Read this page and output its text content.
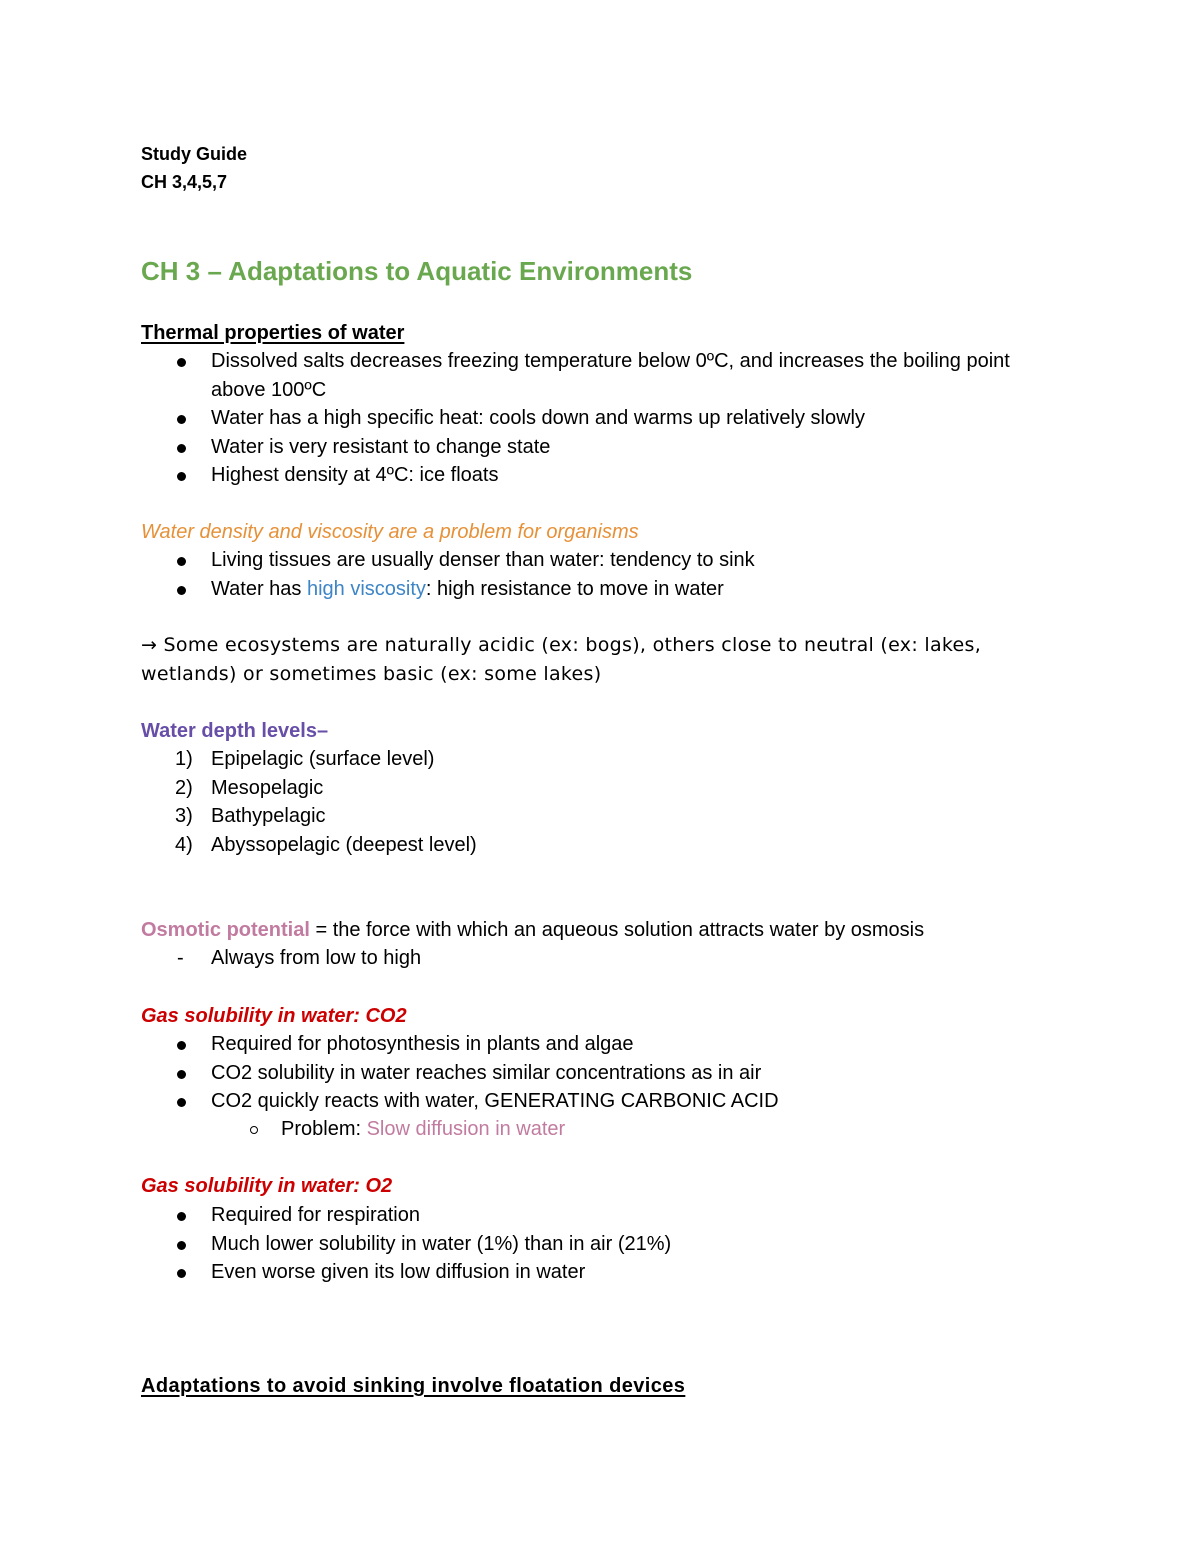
Study Guide
CH 3,4,5,7
CH 3 – Adaptations to Aquatic Environments
Thermal properties of water
Dissolved salts decreases freezing temperature below 0ºC, and increases the boiling point above 100ºC
Water has a high specific heat: cools down and warms up relatively slowly
Water is very resistant to change state
Highest density at 4ºC: ice floats
Water density and viscosity are a problem for organisms
Living tissues are usually denser than water: tendency to sink
Water has high viscosity: high resistance to move in water
→ Some ecosystems are naturally acidic (ex: bogs), others close to neutral (ex: lakes, wetlands) or sometimes basic (ex: some lakes)
Water depth levels–
1) Epipelagic (surface level)
2) Mesopelagic
3) Bathypelagic
4) Abyssopelagic (deepest level)
Osmotic potential = the force with which an aqueous solution attracts water by osmosis
- Always from low to high
Gas solubility in water: CO2
Required for photosynthesis in plants and algae
CO2 solubility in water reaches similar concentrations as in air
CO2 quickly reacts with water, GENERATING CARBONIC ACID
Problem: Slow diffusion in water
Gas solubility in water: O2
Required for respiration
Much lower solubility in water (1%) than in air (21%)
Even worse given its low diffusion in water
Adaptations to avoid sinking involve floatation devices
